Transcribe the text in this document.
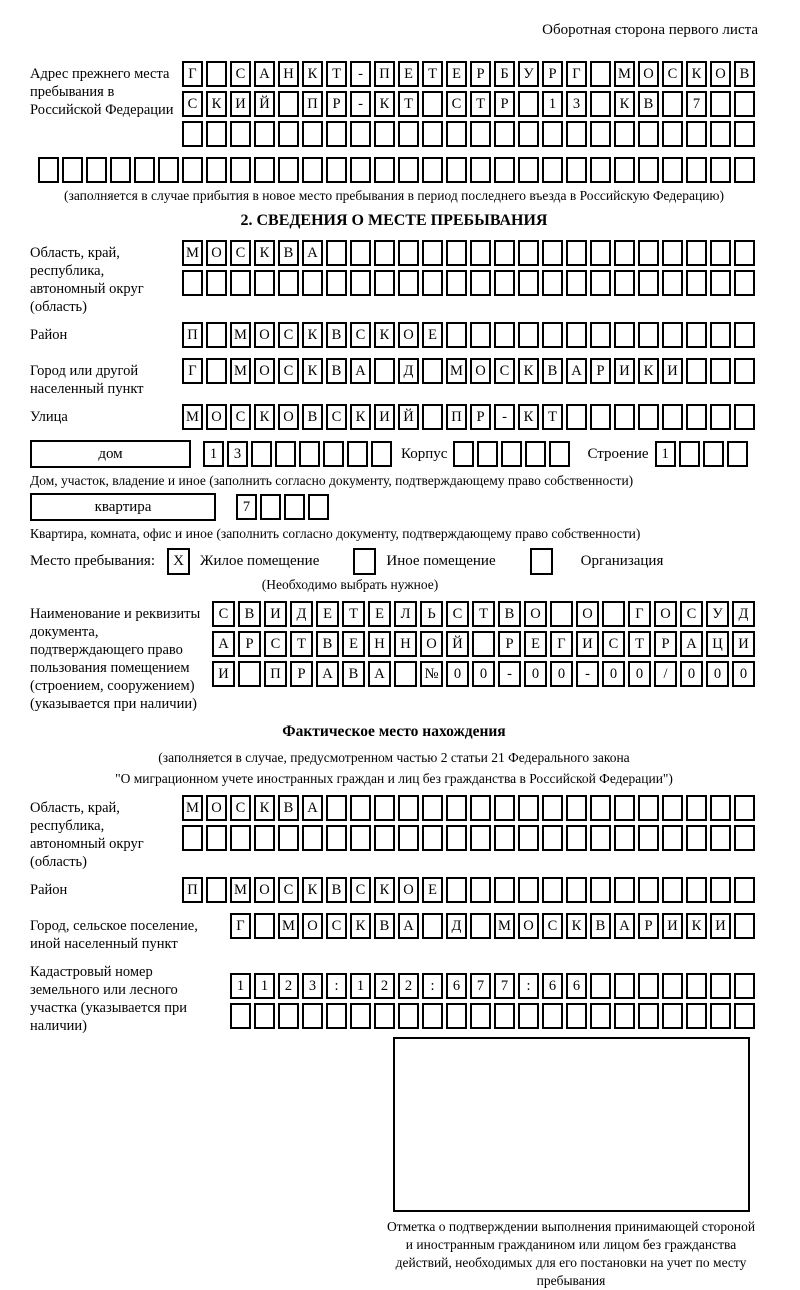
Оборотная сторона первого листа
Адрес прежнего места пребывания в Российской Федерации
Г	С А Н К	Т	-	П Е	Т	Е	Р	Б	У	Р	Г	М О С К О В
С К И Й	П	Р	-	К	Т	С	Т	Р	1	3	К В	7
(заполняется в случае прибытия в новое место пребывания в период последнего въезда в Российскую Федерацию)
2. СВЕДЕНИЯ О МЕСТЕ ПРЕБЫВАНИЯ
Область, край, республика, автономный округ (область)
М О С К В А
Район	П	М О С К В С К О Е
Город или другой населенный пункт
Г	М О С К В А	Д	М О С К В А	Р	И К И
Улица	М О С К О В С К И Й	П	Р	-	К	Т
дом	1	3	Корпус	Строение 1
Дом, участок, владение и иное (заполнить согласно документу, подтверждающему право собственности)
квартира	7
Квартира, комната, офис и иное (заполнить согласно документу, подтверждающему право собственности)
Место пребывания:	X	Жилое помещение	Иное помещение	Организация
(Необходимо выбрать нужное)
Наименование и реквизиты документа, подтверждающего право пользования помещением (строением, сооружением) (указывается при наличии)
С	В	И	Д	Е	Т	Е	Л	Ь	С	Т	В	О	О	Г	О	С	У	Д
А	Р	С	Т	В	Е	Н	Н	О	Й	Р	Е	Г	И	С	Т	Р	А	Ц	И
И	П	Р	А	В	А	№	0	0	-	0	0	-	0	0	/	0	0	0
Фактическое место нахождения
(заполняется в случае, предусмотренном частью 2 статьи 21 Федерального закона
"О миграционном учете иностранных граждан и лиц без гражданства в Российской Федерации")
Область, край, республика, автономный округ (область)
М О С К В А
Район	П	М О С К В С К О Е
Город, сельское поселение, иной населенный пункт
Г	М О С К В А	Д	М О С К В А	Р	И К И
Кадастровый номер земельного или лесного участка (указывается при наличии)
1	1	2	3	:	1	2	2	:	6	7	7	:	6	6
Отметка о подтверждении выполнения принимающей стороной и иностранным гражданином или лицом без гражданства действий, необходимых для его постановки на учет по месту пребывания
